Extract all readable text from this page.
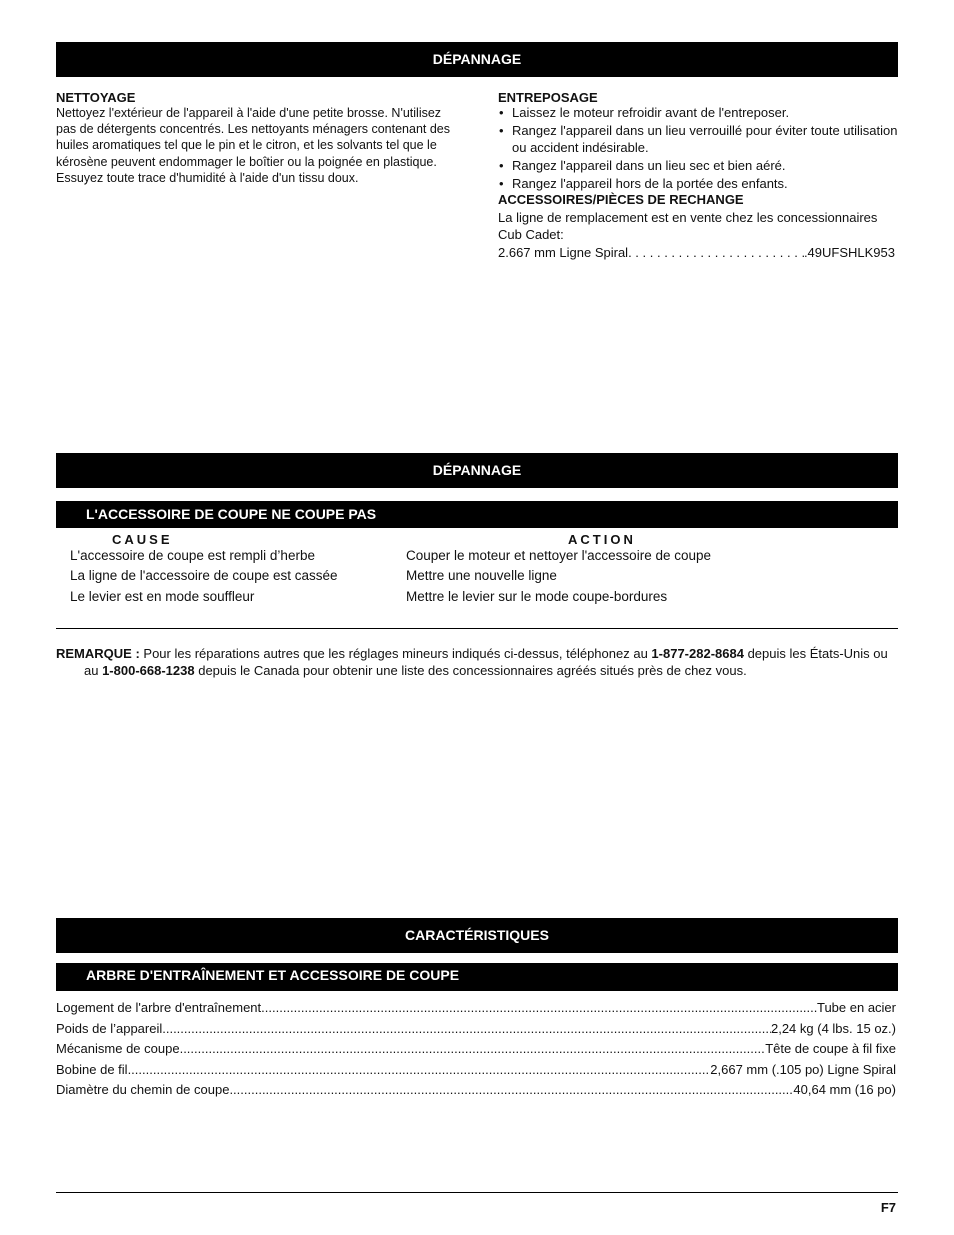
DÉPANNAGE
NETTOYAGE
Nettoyez l'extérieur de l'appareil à l'aide d'une petite brosse. N'utilisez pas de détergents concentrés. Les nettoyants ménagers contenant des huiles aromatiques tel que le pin et le citron, et les solvants tel que le kérosène peuvent endommager le boîtier ou la poignée en plastique. Essuyez toute trace d'humidité à l'aide d'un tissu doux.
ENTREPOSAGE
• Laissez le moteur refroidir avant de l'entreposer.
• Rangez l'appareil dans un lieu verrouillé pour éviter toute utilisation ou accident indésirable.
• Rangez l'appareil dans un lieu sec et bien aéré.
• Rangez l'appareil hors de la portée des enfants.
ACCESSOIRES/PIÈCES DE RECHANGE
La ligne de remplacement est en vente chez les concessionnaires Cub Cadet:
2.667 mm Ligne Spiral . . .	.49UFSHLK953
DÉPANNAGE
L'ACCESSOIRE DE COUPE NE COUPE PAS
CAUSE	ACTION
L'accessoire de coupe est rempli d’herbe	Couper le moteur et nettoyer l'accessoire de coupe
La ligne de l'accessoire de coupe est cassée	Mettre une nouvelle ligne
Le levier est en mode souffleur	Mettre le levier sur le mode coupe-bordures
REMARQUE : Pour les réparations autres que les réglages mineurs indiqués ci-dessus, téléphonez au 1-877-282-8684 depuis les États-Unis ou au 1-800-668-1238 depuis le Canada pour obtenir une liste des concessionnaires agréés situés près de chez vous.
CARACTÉRISTIQUES
ARBRE D'ENTRAÎNEMENT ET ACCESSOIRE DE COUPE
Logement de l'arbre d'entraînement .....	Tube en acier
Poids de l’appareil .....	2,24 kg (4 lbs. 15 oz.)
Mécanisme de coupe .....	Tête de coupe à fil fixe
Bobine de fil .....	2,667 mm (.105 po) Ligne Spiral
Diamètre du chemin de coupe .....	40,64 mm (16 po)
F7
